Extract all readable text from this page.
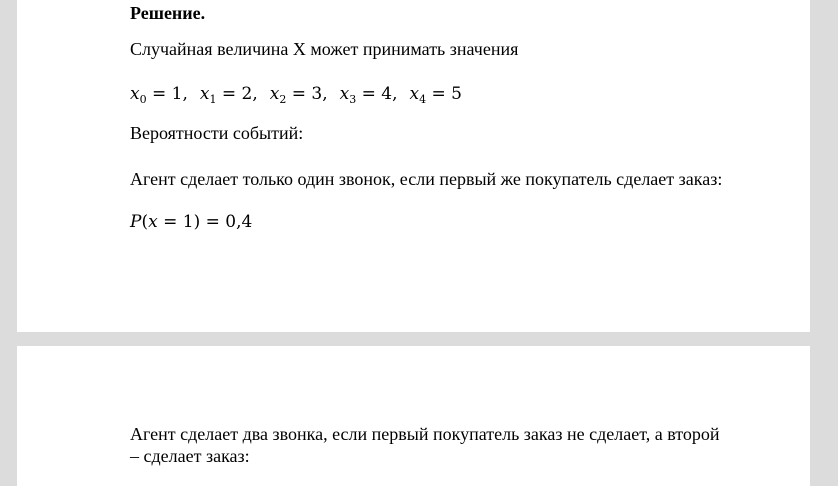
Решение.
Случайная величина X может принимать значения
$x_0 = 1$, $x_1 = 2$, $x_2 = 3$, $x_3 = 4$, $x_4 = 5$
Вероятности событий:
Агент сделает только один звонок, если первый же покупатель сделает заказ:
P(x = 1) = 0,4
Агент сделает два звонка, если первый покупатель заказ не сделает, а второй
– сделает заказ:
